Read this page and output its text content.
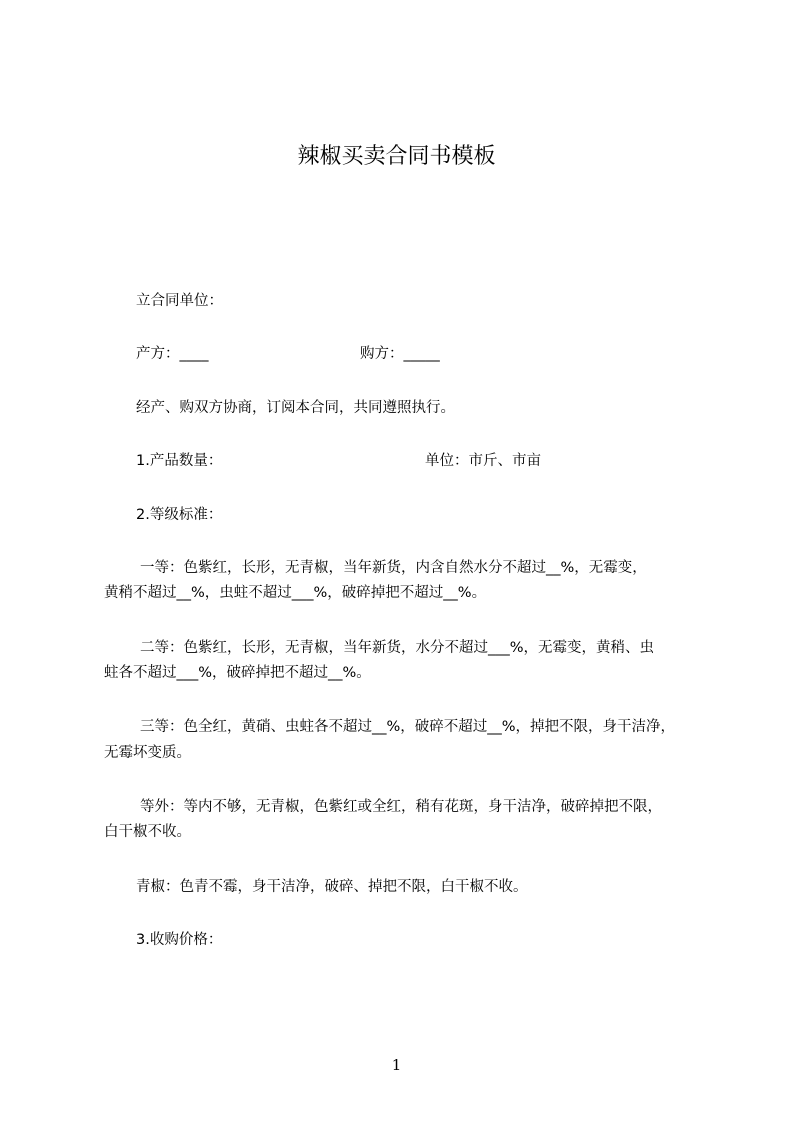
辣椒买卖合同书模板
立合同单位：
产方：____	购方：_____
经产、购双方协商，订阅本合同，共同遵照执行。
1.产品数量：	单位：市斤、市亩
2.等级标准：
一等：色紫红，长形，无青椒，当年新货，内含自然水分不超过__%，无霉变，
黄稍不超过__%，虫蛀不超过___%，破碎掉把不超过__%。
二等：色紫红，长形，无青椒，当年新货，水分不超过___%，无霉变，黄稍、虫
蛀各不超过___%，破碎掉把不超过__%。
三等：色全红，黄硝、虫蛀各不超过__%，破碎不超过__%，掉把不限，身干洁净，
无霉坏变质。
等外：等内不够，无青椒，色紫红或全红，稍有花斑，身干洁净，破碎掉把不限，
白干椒不收。
青椒：色青不霉，身干洁净，破碎、掉把不限，白干椒不收。
3.收购价格：
1
